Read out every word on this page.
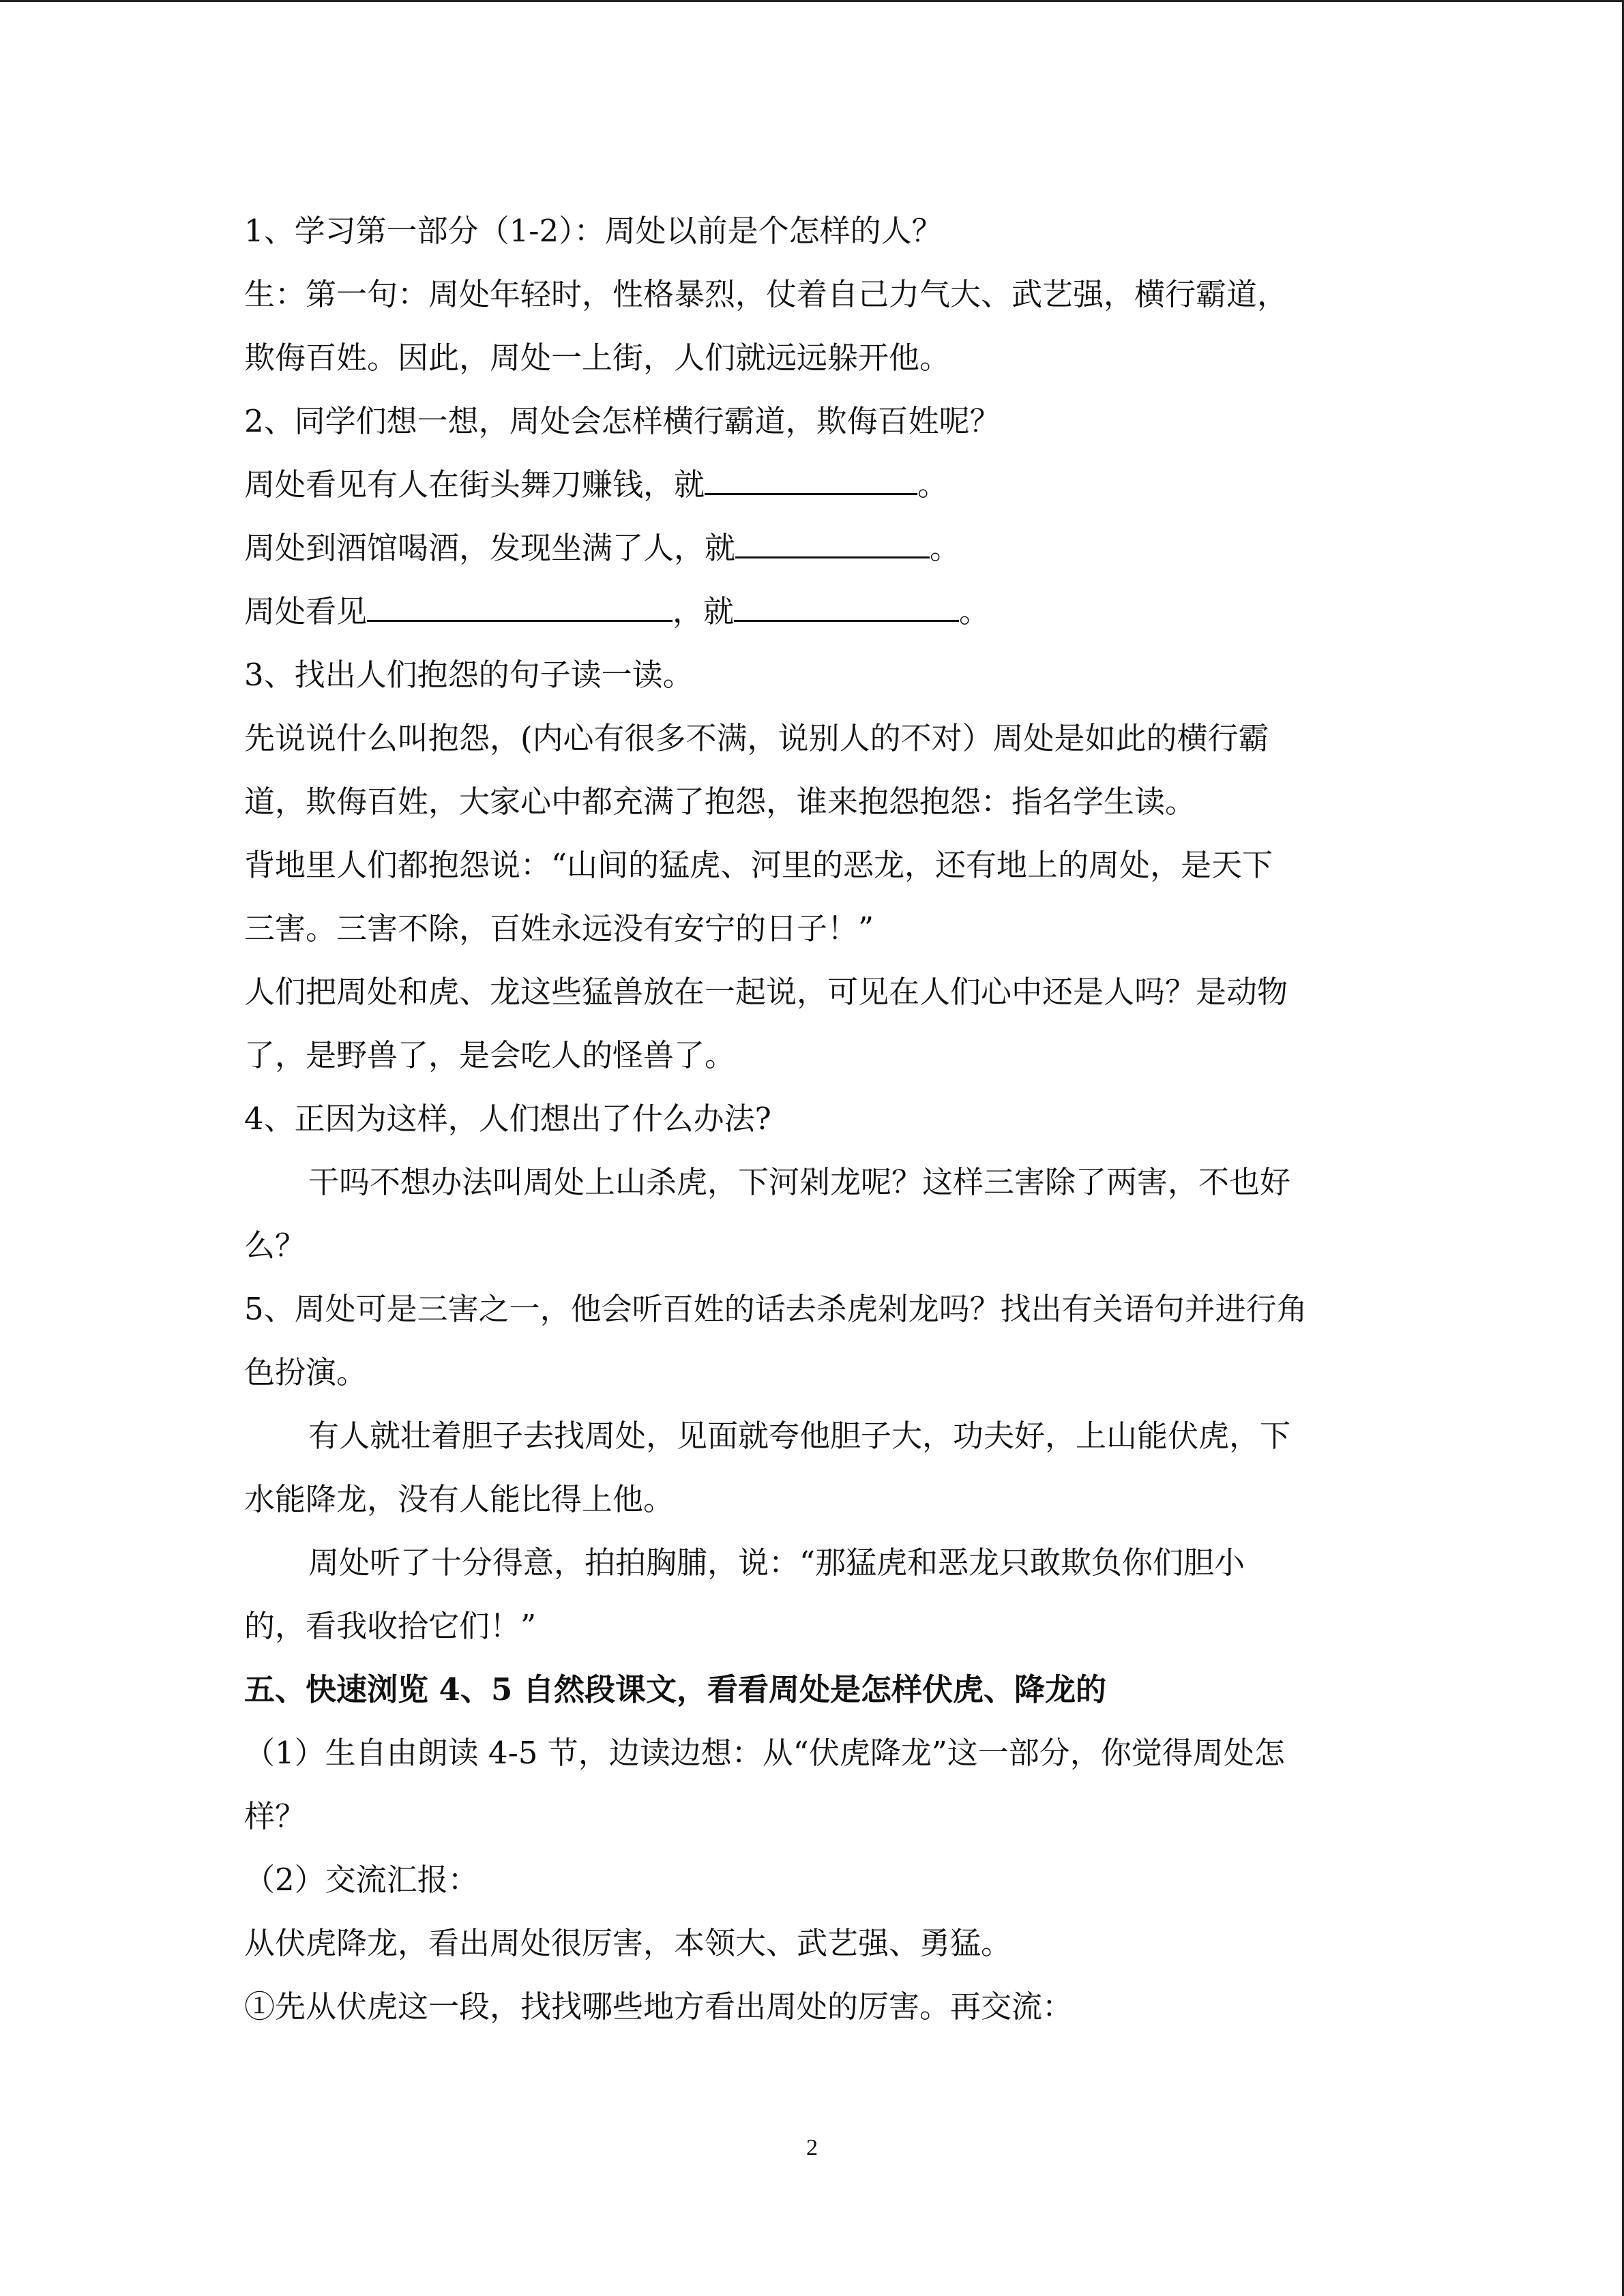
1、学习第一部分（1-2）：周处以前是个怎样的人？
生：第一句：周处年轻时，性格暴烈，仗着自己力气大、武艺强，横行霸道，
欺侮百姓。因此，周处一上街，人们就远远躲开他。
2、同学们想一想，周处会怎样横行霸道，欺侮百姓呢？
周处看见有人在街头舞刀赚钱，就	。
周处到酒馆喝酒，发现坐满了人，就	。
周处看见	，就	。
3、找出人们抱怨的句子读一读。
先说说什么叫抱怨，(内心有很多不满，说别人的不对）周处是如此的横行霸
道，欺侮百姓，大家心中都充满了抱怨，谁来抱怨抱怨：指名学生读。
背地里人们都抱怨说：“山间的猛虎、河里的恶龙，还有地上的周处，是天下
三害。三害不除，百姓永远没有安宁的日子！”
人们把周处和虎、龙这些猛兽放在一起说，可见在人们心中还是人吗？是动物
了，是野兽了，是会吃人的怪兽了。
4、正因为这样，人们想出了什么办法?
干吗不想办法叫周处上山杀虎，下河剁龙呢？这样三害除了两害，不也好
么？
5、周处可是三害之一，他会听百姓的话去杀虎剁龙吗？找出有关语句并进行角
色扮演。
有人就壮着胆子去找周处，见面就夸他胆子大，功夫好，上山能伏虎，下
水能降龙，没有人能比得上他。
周处听了十分得意，拍拍胸脯，说：“那猛虎和恶龙只敢欺负你们胆小
的，看我收拾它们！”
五、快速浏览 4、5 自然段课文，看看周处是怎样伏虎、降龙的
（1）生自由朗读 4-5 节，边读边想：从“伏虎降龙”这一部分，你觉得周处怎
样？
（2）交流汇报：
从伏虎降龙，看出周处很厉害，本领大、武艺强、勇猛。
①先从伏虎这一段，找找哪些地方看出周处的厉害。再交流：
2
